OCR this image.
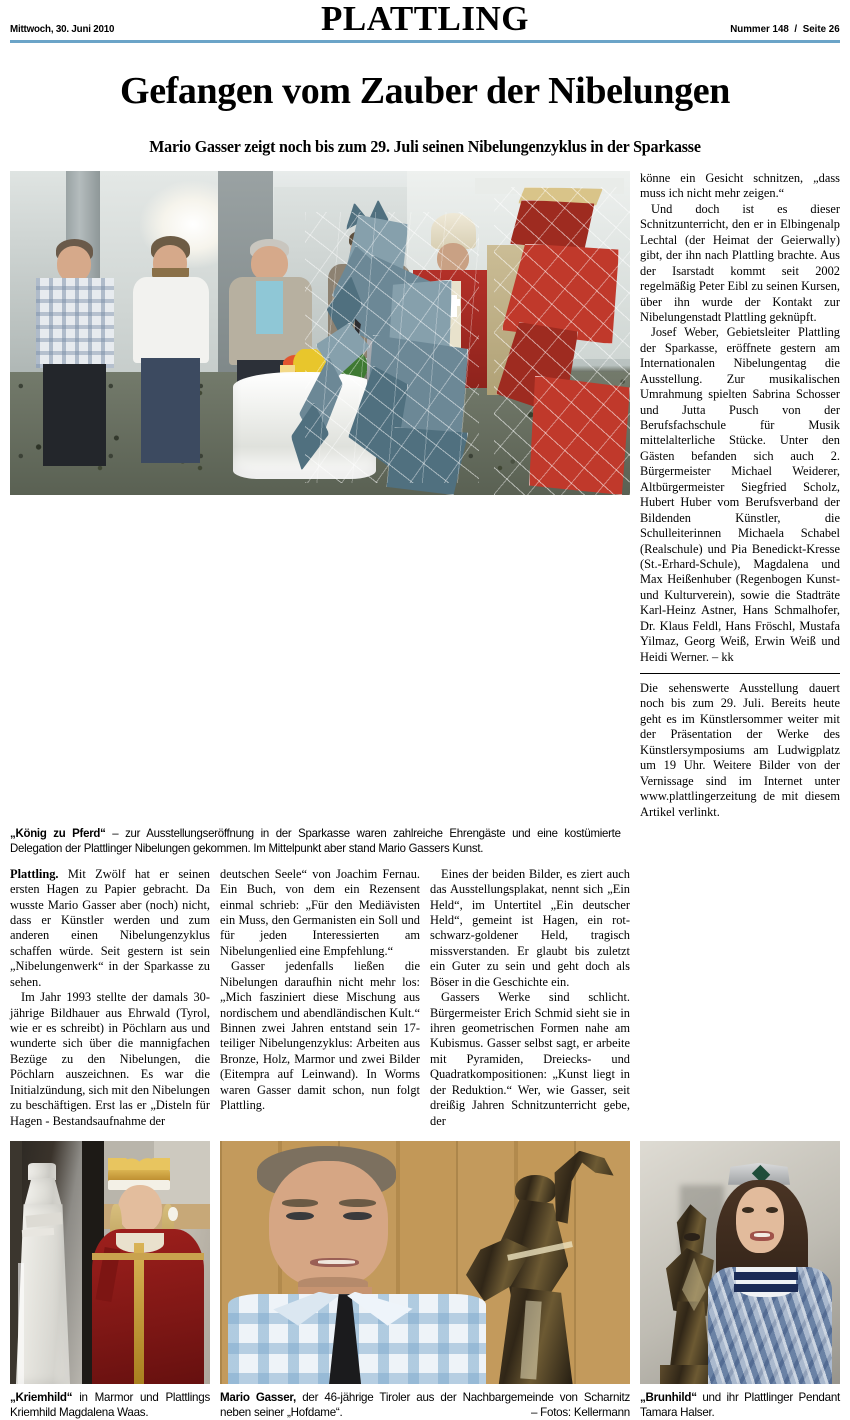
Mittwoch, 30. Juni 2010	PLATTLING	Nummer 148 / Seite 26
Gefangen vom Zauber der Nibelungen
Mario Gasser zeigt noch bis zum 29. Juli seinen Nibelungenzyklus in der Sparkasse

könne ein Gesicht schnitzen, „dass muss ich nicht mehr zeigen.“

Und doch ist es dieser Schnitzunterricht, den er in Elbingenalp Lechtal (der Heimat der Geierwally) gibt, der ihn nach Plattling brachte. Aus der Isarstadt kommt seit 2002 regelmäßig Peter Eibl zu seinen Kursen, über ihn wurde der Kontakt zur Nibelungenstadt Plattling geknüpft.

Josef Weber, Gebietsleiter Plattling der Sparkasse, eröffnete gestern am Internationalen Nibelungentag die Ausstellung. Zur musikalischen Umrahmung spielten Sabrina Schosser und Jutta Pusch von der Berufsfachschule für Musik mittelalterliche Stücke. Unter den Gästen befanden sich auch 2. Bürgermeister Michael Weiderer, Altbürgermeister Siegfried Scholz, Hubert Huber vom Berufsverband der Bildenden Künstler, die Schulleiterinnen Michaela Schabel (Realschule) und Pia Benedickt-Kresse (St.-Erhard-Schule), Magdalena und Max Heißenhuber (Regenbogen Kunst- und Kulturverein), sowie die Stadträte Karl-Heinz Astner, Hans Schmalhofer, Dr. Klaus Feldl, Hans Fröschl, Mustafa Yilmaz, Georg Weiß, Erwin Weiß und Heidi Werner. – kk

Die sehenswerte Ausstellung dauert noch bis zum 29. Juli. Bereits heute geht es im Künstlersommer weiter mit der Präsentation der Werke des Künstlersymposiums am Ludwigplatz um 19 Uhr. Weitere Bilder von der Vernissage sind im Internet unter www.plattlingerzeitung de mit diesem Artikel verlinkt.

„König zu Pferd“ – zur Ausstellungseröffnung in der Sparkasse waren zahlreiche Ehrengäste und eine kostümierte Delegation der Plattlinger Nibelungen gekommen. Im Mittelpunkt aber stand Mario Gassers Kunst.

Plattling. Mit Zwölf hat er seinen ersten Hagen zu Papier gebracht. Da wusste Mario Gasser aber (noch) nicht, dass er Künstler werden und zum anderen einen Nibelungenzyklus schaffen würde. Seit gestern ist sein „Nibelungenwerk“ in der Sparkasse zu sehen.

Im Jahr 1993 stellte der damals 30-jährige Bildhauer aus Ehrwald (Tyrol, wie er es schreibt) in Pöchlarn aus und wunderte sich über die mannigfachen Bezüge zu den Nibelungen, die Pöchlarn auszeichnen. Es war die Initialzündung, sich mit den Nibelungen zu beschäftigen. Erst las er „Disteln für Hagen - Bestandsaufnahme der

deutschen Seele“ von Joachim Fernau. Ein Buch, von dem ein Rezensent einmal schrieb: „Für den Mediävisten ein Muss, den Germanisten ein Soll und für jeden Interessierten am Nibelungenlied eine Empfehlung.“

Gasser jedenfalls ließen die Nibelungen daraufhin nicht mehr los: „Mich fasziniert diese Mischung aus nordischem und abendländischen Kult.“ Binnen zwei Jahren entstand sein 17-teiliger Nibelungenzyklus: Arbeiten aus Bronze, Holz, Marmor und zwei Bilder (Eitempra auf Leinwand). In Worms waren Gasser damit schon, nun folgt Plattling.

Eines der beiden Bilder, es ziert auch das Ausstellungsplakat, nennt sich „Ein Held“, im Untertitel „Ein deutscher Held“, gemeint ist Hagen, ein rot-schwarz-goldener Held, tragisch missverstanden. Er glaubt bis zuletzt ein Guter zu sein und geht doch als Böser in die Geschichte ein.

Gassers Werke sind schlicht. Bürgermeister Erich Schmid sieht sie in ihren geometrischen Formen nahe am Kubismus. Gasser selbst sagt, er arbeite mit Pyramiden, Dreiecks- und Quadratkompositionen: „Kunst liegt in der Reduktion.“ Wer, wie Gasser, seit dreißig Jahren Schnitzunterricht gebe, der

„Kriemhild“ in Marmor und Plattlings Kriemhild Magdalena Waas.
Mario Gasser, der 46-jährige Tiroler aus der Nachbargemeinde von Scharnitz neben seiner „Hofdame“.	– Fotos: Kellermann
„Brunhild“ und ihr Plattlinger Pendant Tamara Halser.
